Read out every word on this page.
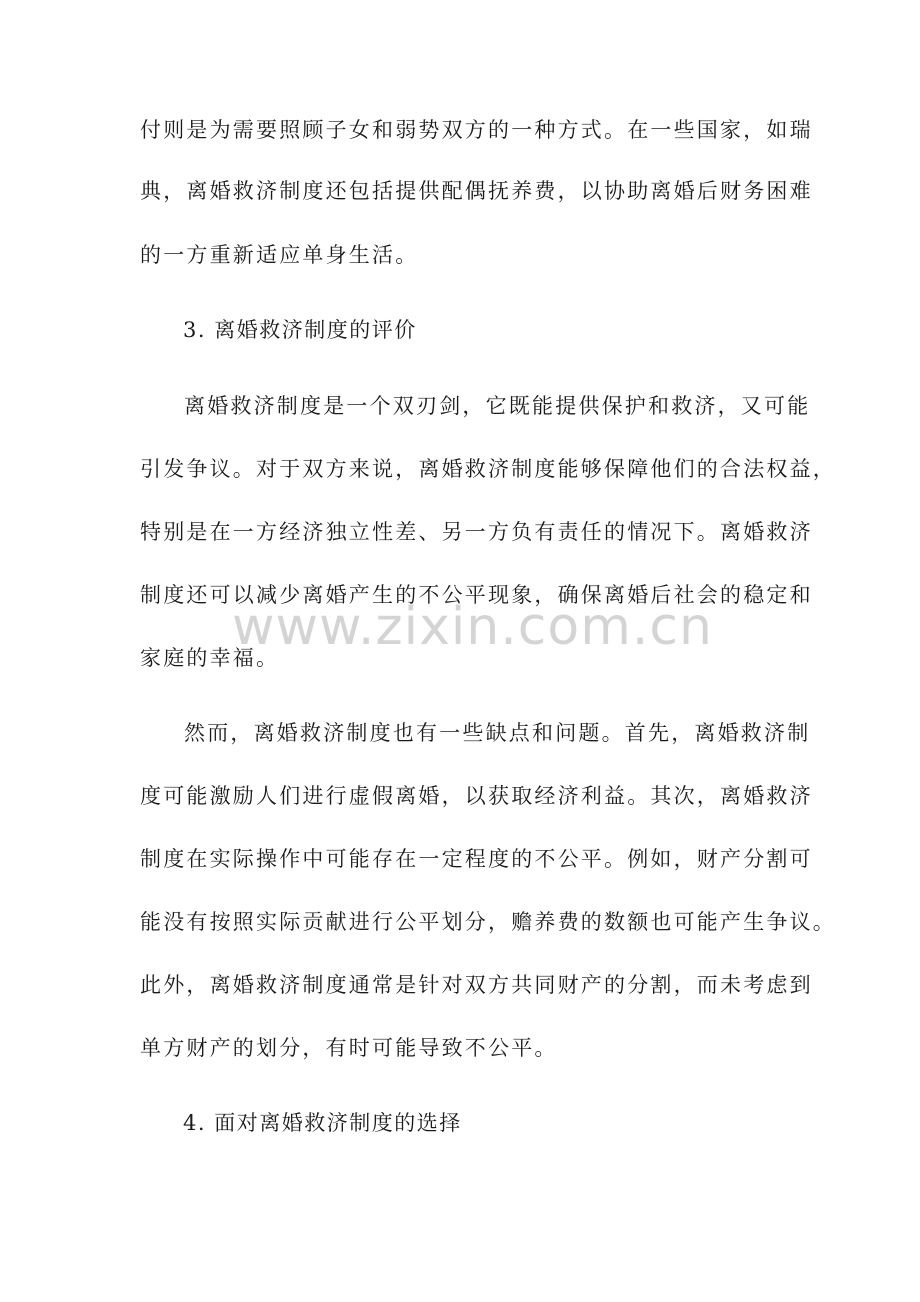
付则是为需要照顾子女和弱势双方的一种方式。在一些国家，如瑞
典，离婚救济制度还包括提供配偶抚养费，以协助离婚后财务困难
的一方重新适应单身生活。
3. 离婚救济制度的评价
离婚救济制度是一个双刃剑，它既能提供保护和救济，又可能
引发争议。对于双方来说，离婚救济制度能够保障他们的合法权益，
特别是在一方经济独立性差、另一方负有责任的情况下。离婚救济
制度还可以减少离婚产生的不公平现象，确保离婚后社会的稳定和
家庭的幸福。
然而，离婚救济制度也有一些缺点和问题。首先，离婚救济制
度可能激励人们进行虚假离婚，以获取经济利益。其次，离婚救济
制度在实际操作中可能存在一定程度的不公平。例如，财产分割可
能没有按照实际贡献进行公平划分，赡养费的数额也可能产生争议。
此外，离婚救济制度通常是针对双方共同财产的分割，而未考虑到
单方财产的划分，有时可能导致不公平。
4. 面对离婚救济制度的选择
www.zixin.com.cn
